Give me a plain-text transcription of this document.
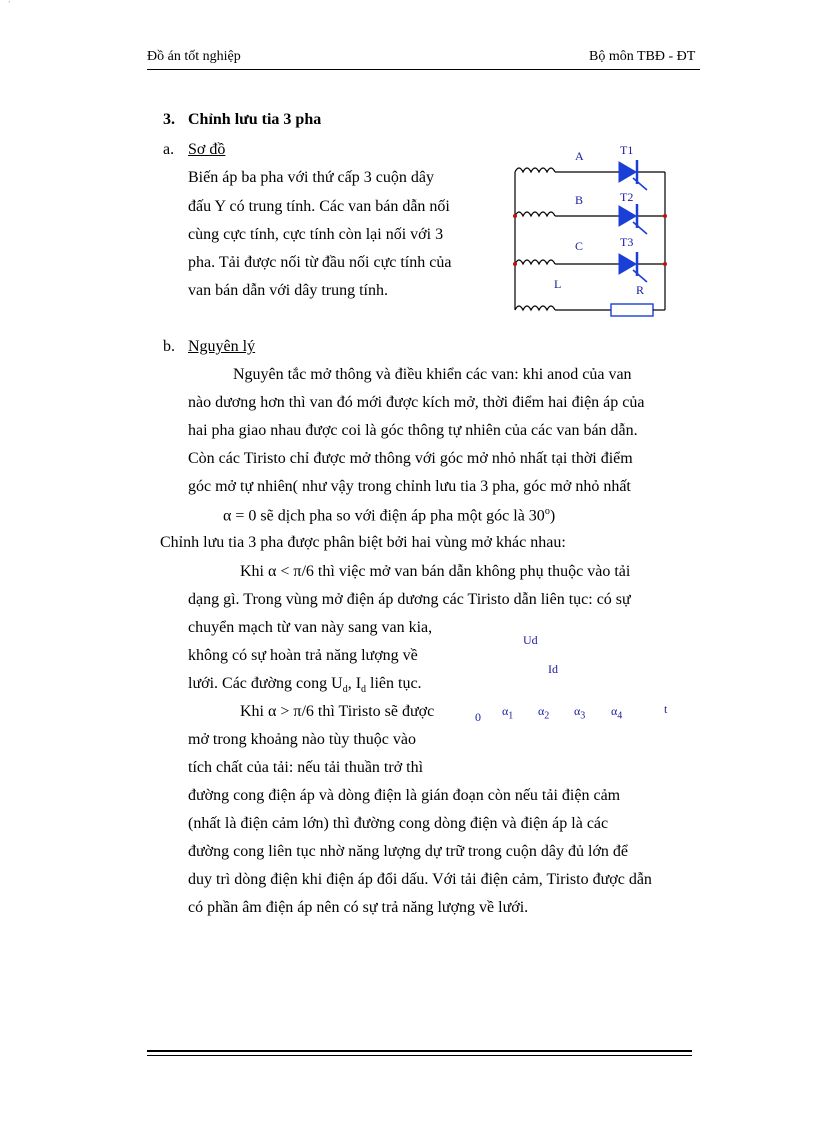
`
Đồ án tốt nghiệp	Bộ môn TBĐ - ĐT
3. Chỉnh lưu tia 3 pha
a. Sơ đồ
Biến áp ba pha với thứ cấp 3 cuộn dây
đấu Y có trung tính. Các van bán dẫn nối
cùng cực tính, cực tính còn lại nối với 3
pha. Tải được nối từ đầu nối cực tính của
van bán dẫn với dây trung tính.
A
B
C
T1
T2
T3
L	R
b. Nguyên lý
Nguyên tắc mở thông và điều khiển các van: khi anod của van
nào dương hơn thì van đó mới được kích mở, thời điểm hai điện áp của
hai pha giao nhau được coi là góc thông tự nhiên của các van bán dẫn.
Còn các Tiristo chỉ được mở thông với góc mở nhỏ nhất tại thời điểm
góc mở tự nhiên( như vậy trong chỉnh lưu tia 3 pha, góc mở nhỏ nhất
α = 0 sẽ dịch pha so với điện áp pha một góc là 30$^o$)
Chỉnh lưu tia 3 pha được phân biệt bởi hai vùng mở khác nhau:
Khi α < π/6 thì việc mở van bán dẫn không phụ thuộc vào tải
dạng gì. Trong vùng mở điện áp dương các Tiristo dẫn liên tục: có sự
chuyển mạch từ van này sang van kia,
không có sự hoàn trả năng lượng về
lưới. Các đường cong $U_d$, $I_d$ liên tục.
Khi α > π/6 thì Tiristo sẽ được
mở trong khoảng nào tùy thuộc vào
tích chất của tải: nếu tải thuần trở thì
đường cong điện áp và dòng điện là gián đoạn còn nếu tải điện cảm
(nhất là điện cảm lớn) thì đường cong dòng điện và điện áp là các
đường cong liên tục nhờ năng lượng dự trữ trong cuộn dây đủ lớn để
duy trì dòng điện khi điện áp đổi dấu. Với tải điện cảm, Tiristo được dẫn
có phần âm điện áp nên có sự trả năng lượng về lưới.
Ud
Id
0 $\alpha_1$ $\alpha_2$ $\alpha_3$ $\alpha_4$	t
